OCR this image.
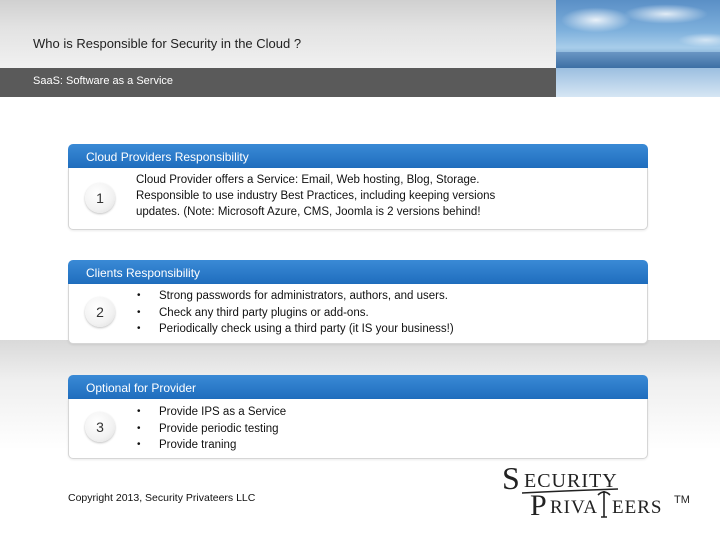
Who is Responsible for Security in the Cloud ?
SaaS: Software as a Service
Cloud Providers Responsibility
1
Cloud Provider offers a Service: Email, Web hosting, Blog, Storage.
Responsible to use industry Best Practices, including keeping versions
updates. (Note: Microsoft Azure, CMS, Joomla is 2 versions behind!
Clients Responsibility
2
• Strong passwords for administrators, authors, and users.
• Check any third party plugins or add-ons.
• Periodically check using a third party (it IS your business!)
Optional for Provider
3
• Provide IPS as a Service
• Provide periodic testing
• Provide traning
Copyright 2013, Security Privateers LLC
S ECURITY
P RIVA EERS TM
